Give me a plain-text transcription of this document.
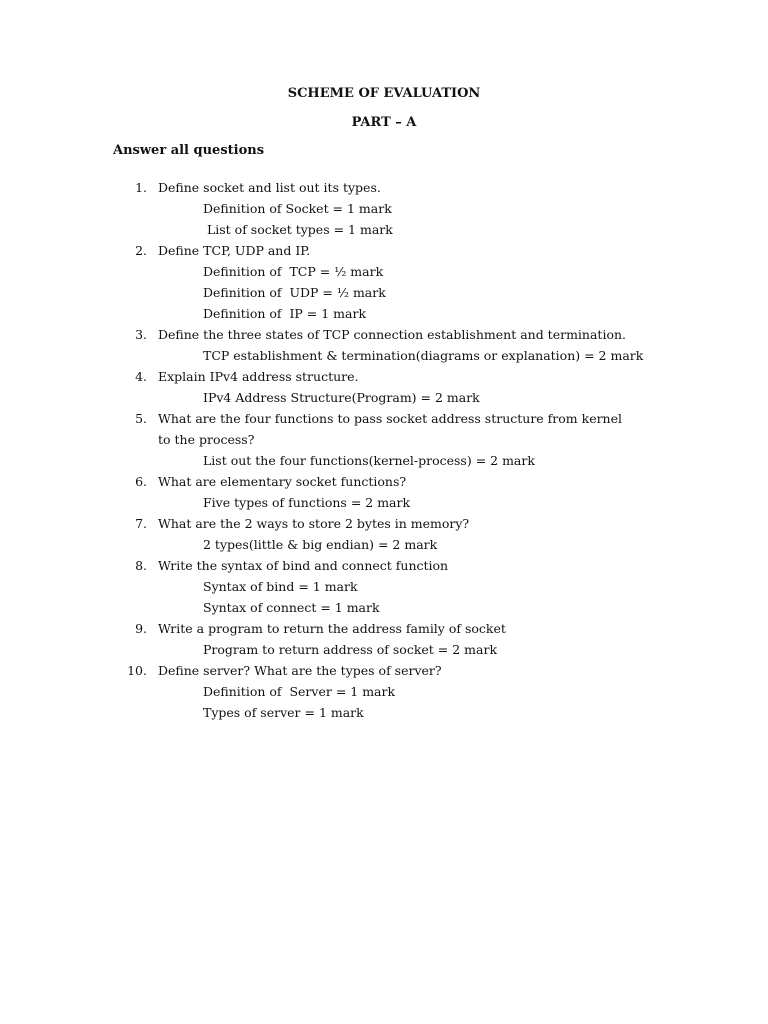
SCHEME OF EVALUATION
PART – A
Answer all questions
1. Define socket and list out its types.
Definition of Socket = 1 mark
List of socket types = 1 mark
2. Define TCP, UDP and IP.
Definition of  TCP = ½ mark
Definition of  UDP = ½ mark
Definition of  IP = 1 mark
3. Define the three states of TCP connection establishment and termination.
TCP establishment & termination(diagrams or explanation) = 2 mark
4. Explain IPv4 address structure.
IPv4 Address Structure(Program) = 2 mark
5. What are the four functions to pass socket address structure from kernel to the process?
List out the four functions(kernel-process) = 2 mark
6. What are elementary socket functions?
Five types of functions = 2 mark
7. What are the 2 ways to store 2 bytes in memory?
2 types(little & big endian) = 2 mark
8. Write the syntax of bind and connect function
Syntax of bind = 1 mark
Syntax of connect = 1 mark
9. Write a program to return the address family of socket
Program to return address of socket = 2 mark
10. Define server? What are the types of server?
Definition of  Server = 1 mark
Types of server = 1 mark
